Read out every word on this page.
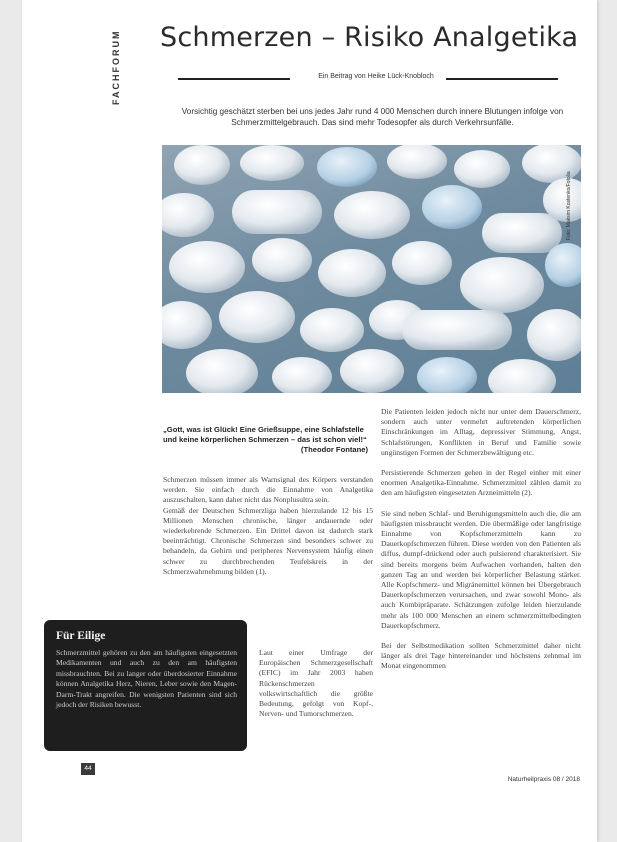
FACHFORUM	Schmerzen – Risiko Analgetika
Ein Beitrag von Heike Lück-Knobloch
Vorsichtig geschätzt sterben bei uns jedes Jahr rund 4 000 Menschen durch innere Blutungen infolge von Schmerzmittelgebrauch. Das sind mehr Todesopfer als durch Verkehrsunfälle.
Foto: Maksim Kostenko/Fotolia
„Gott, was ist Glück! Eine Grießsuppe, eine Schlafstelle und keine körperlichen Schmerzen – das ist schon viel!“
(Theodor Fontane)

Schmerzen müssen immer als Warnsignal des Körpers verstanden werden. Sie einfach durch die Einnahme von Analgetika auszuschalten, kann daher nicht das Nonplusultra sein.

Gemäß der Deutschen Schmerzliga haben hierzulande 12 bis 15 Millionen Menschen chronische, länger andauernde oder wiederkehrende Schmerzen. Ein Drittel davon ist dadurch stark beeinträchtigt. Chronische Schmerzen sind besonders schwer zu behandeln, da Gehirn und peripheres Nervensystem häufig einen schwer zu durchbrechenden Teufelskreis in der Schmerzwahrnehmung bilden (1).

Laut einer Umfrage der Europäischen Schmerzgesellschaft (EFIC) im Jahr 2003 haben Rückenschmerzen volkswirtschaftlich die größte Bedeutung, gefolgt von Kopf-, Nerven- und Tumorschmerzen.

Die Patienten leiden jedoch nicht nur unter dem Dauerschmerz, sondern auch unter vermehrt auftretenden körperlichen Einschränkungen im Alltag, depressiver Stimmung, Angst, Schlafstörungen, Konflikten in Beruf und Familie sowie ungünstigen Formen der Schmerzbewältigung etc.

Persistierende Schmerzen gehen in der Regel einher mit einer enormen Analgetika-Einnahme. Schmerzmittel zählen damit zu den am häufigsten eingesetzten Arzneimitteln (2).

Sie sind neben Schlaf- und Beruhigungsmitteln auch die, die am häufigsten missbraucht werden. Die übermäßige oder langfristige Einnahme von Kopfschmerzmitteln kann zu Dauerkopfschmerzen führen. Diese werden von den Patienten als diffus, dumpf-drückend oder auch pulsierend charakterisiert. Sie sind bereits morgens beim Aufwachen vorhanden, halten den ganzen Tag an und werden bei körperlicher Belastung stärker. Alle Kopfschmerz- und Migränemittel können bei Übergebrauch Dauerkopfschmerzen verursachen, und zwar sowohl Mono- als auch Kombipräparate. Schätzungen zufolge leiden hierzulande mehr als 100 000 Menschen an einem schmerzmittelbedingten Dauerkopfschmerz.

Bei der Selbstmedikation sollten Schmerzmittel daher nicht länger als drei Tage hintereinander und höchstens zehnmal im Monat eingenommen

Für Eilige
Schmerzmittel gehören zu den am häufigsten eingesetzten Medikamenten und auch zu den am häufigsten missbrauchten. Bei zu langer oder überdosierter Einnahme können Analgetika Herz, Nieren, Leber sowie den Magen-Darm-Trakt angreifen. Die wenigsten Patienten sind sich jedoch der Risiken bewusst.
44
Naturheilpraxis 08 / 2018
